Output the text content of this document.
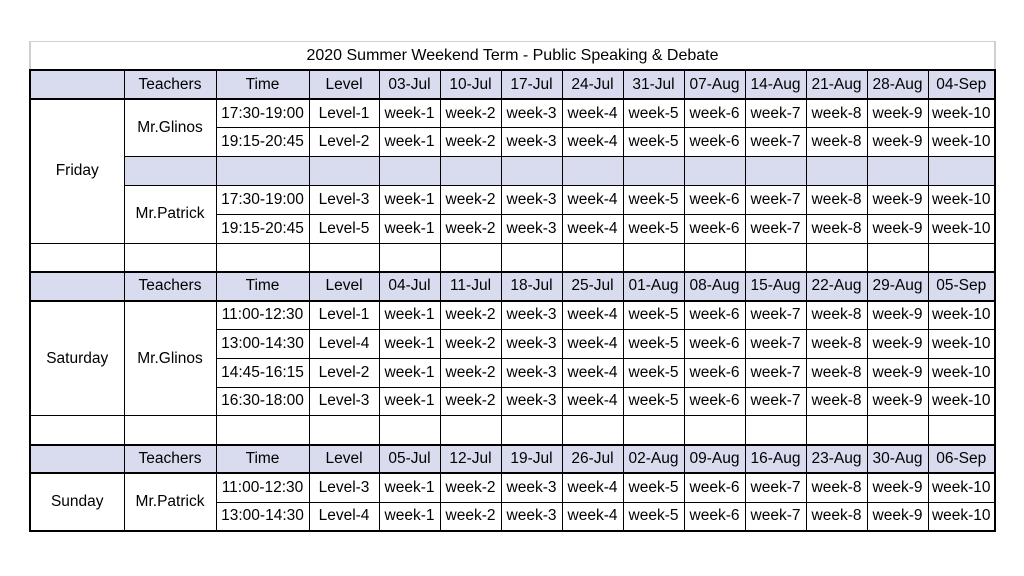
2020 Summer Weekend Term - Public Speaking & Debate													
	Teachers	Time	Level	03-Jul	10-Jul	17-Jul	24-Jul	31-Jul	07-Aug	14-Aug	21-Aug	28-Aug	04-Sep
Friday	Mr.Glinos	17:30-19:00	Level-1	week-1	week-2	week-3	week-4	week-5	week-6	week-7	week-8	week-9	week-10
		19:15-20:45	Level-2	week-1	week-2	week-3	week-4	week-5	week-6	week-7	week-8	week-9	week-10

	Mr.Patrick	17:30-19:00	Level-3	week-1	week-2	week-3	week-4	week-5	week-6	week-7	week-8	week-9	week-10
		19:15-20:45	Level-5	week-1	week-2	week-3	week-4	week-5	week-6	week-7	week-8	week-9	week-10

	Teachers	Time	Level	04-Jul	11-Jul	18-Jul	25-Jul	01-Aug	08-Aug	15-Aug	22-Aug	29-Aug	05-Sep
Saturday	Mr.Glinos	11:00-12:30	Level-1	week-1	week-2	week-3	week-4	week-5	week-6	week-7	week-8	week-9	week-10
		13:00-14:30	Level-4	week-1	week-2	week-3	week-4	week-5	week-6	week-7	week-8	week-9	week-10
		14:45-16:15	Level-2	week-1	week-2	week-3	week-4	week-5	week-6	week-7	week-8	week-9	week-10
		16:30-18:00	Level-3	week-1	week-2	week-3	week-4	week-5	week-6	week-7	week-8	week-9	week-10

	Teachers	Time	Level	05-Jul	12-Jul	19-Jul	26-Jul	02-Aug	09-Aug	16-Aug	23-Aug	30-Aug	06-Sep
Sunday	Mr.Patrick	11:00-12:30	Level-3	week-1	week-2	week-3	week-4	week-5	week-6	week-7	week-8	week-9	week-10
		13:00-14:30	Level-4	week-1	week-2	week-3	week-4	week-5	week-6	week-7	week-8	week-9	week-10
